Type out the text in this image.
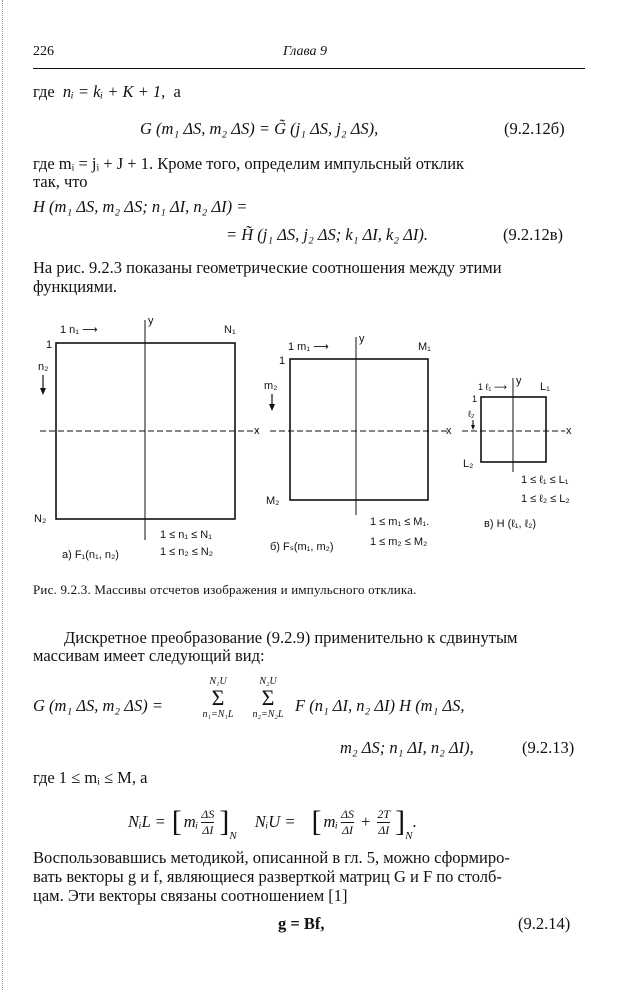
226	Глава 9
где nᵢ = kᵢ + K + 1, а
G (m₁ ΔS, m₂ ΔS) = G̃ (j₁ ΔS, j₂ ΔS),	(9.2.12б)
где mᵢ = jᵢ + J + 1. Кроме того, определим импульсный отклик
так, что
H (m₁ ΔS, m₂ ΔS; n₁ ΔI, n₂ ΔI) =
= H̃ (j₁ ΔS, j₂ ΔS; k₁ ΔI, k₂ ΔI).	(9.2.12в)
На рис. 9.2.3 показаны геометрические соотношения между этими
функциями.
y
x
1 n₁ ⟶	N₁
1
n₂
N₂
1 ≤ n₁ ≤ N₁
1 ≤ n₂ ≤ N₂
а) F₁(n₁, n₂)
y
x
1 m₁ ⟶	M₁
1
m₂
M₂
1 ≤ m₁ ≤ M₁.
1 ≤ m₂ ≤ M₂
б) Fₛ(m₁, m₂)
y
x
1 ℓ₁ ⟶	L₁
1
ℓ₂
L₂
1 ≤ ℓ₁ ≤ L₁
1 ≤ ℓ₂ ≤ L₂
в) H (ℓ₁, ℓ₂)
Рис. 9.2.3. Массивы отсчетов изображения и импульсного отклика.
Дискретное преобразование (9.2.9) применительно к сдвинутым
массивам имеет следующий вид:
G (m₁ ΔS, m₂ ΔS) =
N₁U
Σ
n₁=N₁L
N₂U
Σ
n₂=N₂L F (n₁ ΔI, n₂ ΔI) H (m₁ ΔS,
m₂ ΔS; n₁ ΔI, n₂ ΔI),	(9.2.13)
где 1 ≤ mᵢ ≤ M, а
NᵢL = [ mᵢ $\frac{\Delta S}{\Delta I}$ ] N
NᵢU = [ mᵢ $\frac{\Delta S}{\Delta I} + \frac{2T}{\Delta I}$ ] N
.
Воспользовавшись методикой, описанной в гл. 5, можно сформиро-
вать векторы g и f, являющиеся разверткой матриц G и F по столб-
цам. Эти векторы связаны соотношением [1]
g = Bf,	(9.2.14)
